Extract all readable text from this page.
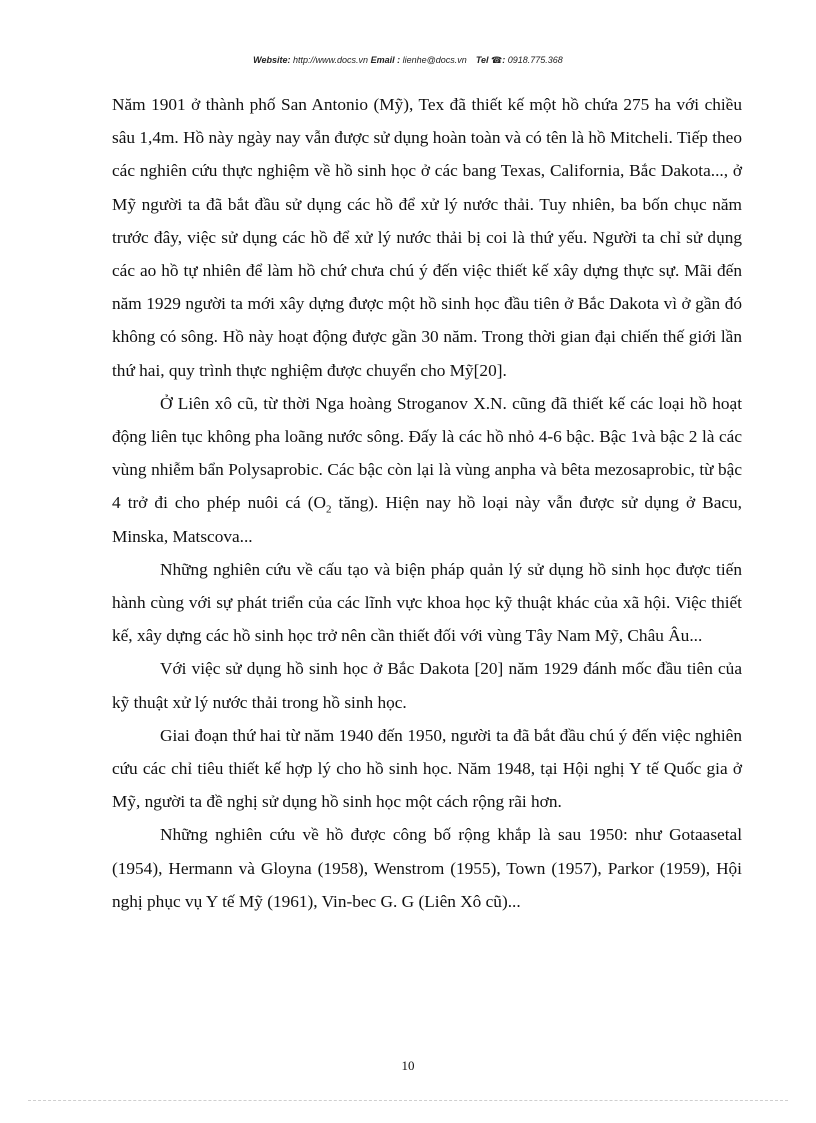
Website: http://www.docs.vn Email : lienhe@docs.vn Tel ☎: 0918.775.368

Năm 1901 ở thành phố San Antonio (Mỹ), Tex đã thiết kế một hồ chứa 275 ha với chiều sâu 1,4m. Hồ này ngày nay vẫn được sử dụng hoàn toàn và có tên là hồ Mitcheli. Tiếp theo các nghiên cứu thực nghiệm về hồ sinh học ở các bang Texas, California, Bắc Dakota..., ở Mỹ người ta đã bắt đầu sử dụng các hồ để xử lý nước thải. Tuy nhiên, ba bốn chục năm trước đây, việc sử dụng các hồ để xử lý nước thải bị coi là thứ yếu. Người ta chỉ sử dụng các ao hồ tự nhiên để làm hồ chứ chưa chú ý đến việc thiết kế xây dựng thực sự. Mãi đến năm 1929 người ta mới xây dựng được một hồ sinh học đầu tiên ở Bắc Dakota vì ở gần đó không có sông. Hồ này hoạt động được gần 30 năm. Trong thời gian đại chiến thế giới lần thứ hai, quy trình thực nghiệm được chuyển cho Mỹ[20].

Ở Liên xô cũ, từ thời Nga hoàng Stroganov X.N. cũng đã thiết kế các loại hồ hoạt động liên tục không pha loãng nước sông. Đấy là các hồ nhỏ 4-6 bậc. Bậc 1và bậc 2 là các vùng nhiễm bẩn Polysaprobic. Các bậc còn lại là vùng anpha và bêta mezosaprobic, từ bậc 4 trở đi cho phép nuôi cá ($O_2$ tăng). Hiện nay hồ loại này vẫn được sử dụng ở Bacu, Minska, Matscova...

Những nghiên cứu về cấu tạo và biện pháp quản lý sử dụng hồ sinh học được tiến hành cùng với sự phát triển của các lĩnh vực khoa học kỹ thuật khác của xã hội. Việc thiết kế, xây dựng các hồ sinh học trở nên cần thiết đối với vùng Tây Nam Mỹ, Châu Âu...

Với việc sử dụng hồ sinh học ở Bắc Dakota [20] năm 1929 đánh mốc đầu tiên của kỹ thuật xử lý nước thải trong hồ sinh học.

Giai đoạn thứ hai từ năm 1940 đến 1950, người ta đã bắt đầu chú ý đến việc nghiên cứu các chỉ tiêu thiết kế hợp lý cho hồ sinh học. Năm 1948, tại Hội nghị Y tế Quốc gia ở Mỹ, người ta đề nghị sử dụng hồ sinh học một cách rộng rãi hơn.

Những nghiên cứu về hồ được công bố rộng khắp là sau 1950: như Gotaasetal (1954), Hermann và Gloyna (1958), Wenstrom (1955), Town (1957), Parkor (1959), Hội nghị phục vụ Y tế Mỹ (1961), Vin-bec G. G (Liên Xô cũ)...

10
